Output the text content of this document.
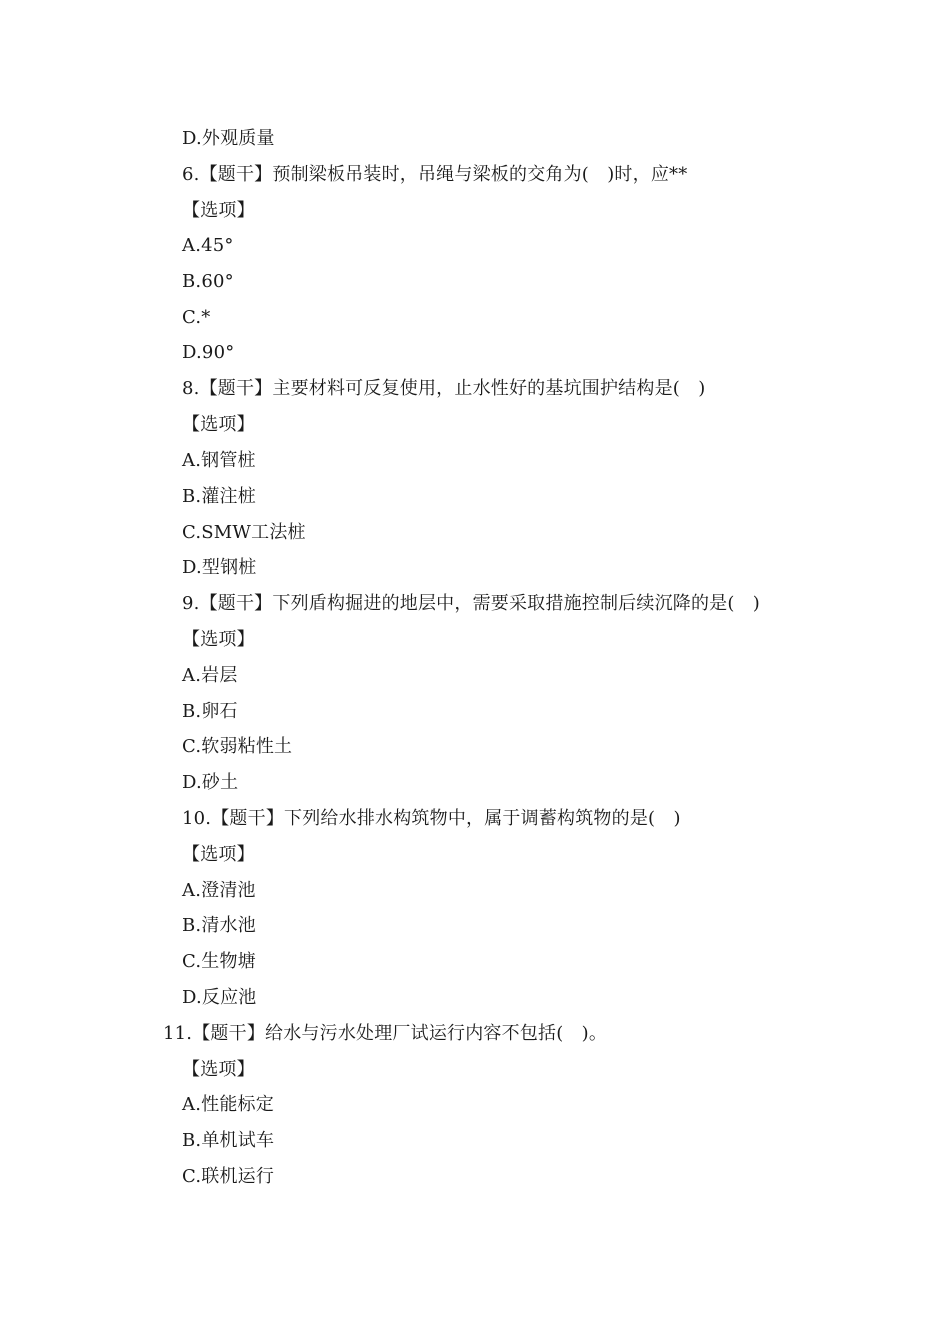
D.外观质量
6.【题干】预制梁板吊装时，吊绳与梁板的交角为(　)时，应**
【选项】
A.45°
B.60°
C.*
D.90°
8.【题干】主要材料可反复使用，止水性好的基坑围护结构是(　)
【选项】
A.钢管桩
B.灌注桩
C.SMW工法桩
D.型钢桩
9.【题干】下列盾构掘进的地层中，需要采取措施控制后续沉降的是(　)
【选项】
A.岩层
B.卵石
C.软弱粘性土
D.砂土
10.【题干】下列给水排水构筑物中，属于调蓄构筑物的是(　)
【选项】
A.澄清池
B.清水池
C.生物塘
D.反应池
11.【题干】给水与污水处理厂试运行内容不包括(　)。
【选项】
A.性能标定
B.单机试车
C.联机运行
